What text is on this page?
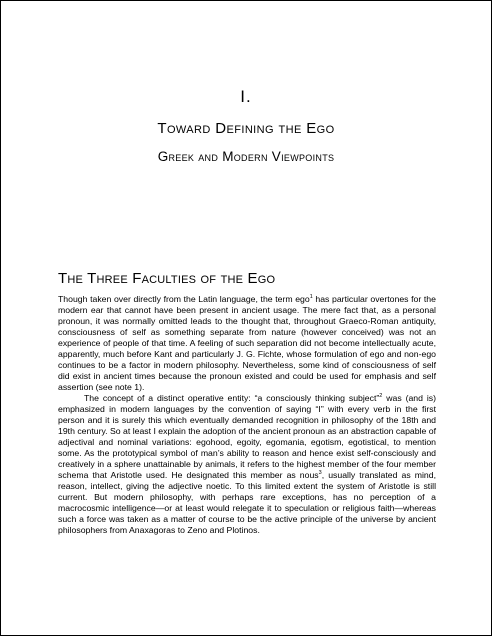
I.
Toward Defining the Ego
Greek and Modern Viewpoints
The Three Faculties of the Ego

Though taken over directly from the Latin language, the term ego$^1$ has particular overtones for the modern ear that cannot have been present in ancient usage. The mere fact that, as a personal pronoun, it was normally omitted leads to the thought that, throughout Graeco-Roman antiquity, consciousness of self as something separate from nature (however conceived) was not an experience of people of that time. A feeling of such separation did not become intellectually acute, apparently, much before Kant and particularly J. G. Fichte, whose formulation of ego and non-ego continues to be a factor in modern philosophy. Nevertheless, some kind of consciousness of self did exist in ancient times because the pronoun existed and could be used for emphasis and self assertion (see note 1).

The concept of a distinct operative entity: “a consciously thinking subject”$^2$ was (and is) emphasized in modern languages by the convention of saying “I” with every verb in the first person and it is surely this which eventually demanded recognition in philosophy of the 18th and 19th century. So at least I explain the adoption of the ancient pronoun as an abstraction capable of adjectival and nominal variations: egohood, egoity, egomania, egotism, egotistical, to mention some. As the prototypical symbol of man’s ability to reason and hence exist self-consciously and creatively in a sphere unattainable by animals, it refers to the highest member of the four member schema that Aristotle used. He designated this member as nous$^3$, usually translated as mind, reason, intellect, giving the adjective noetic. To this limited extent the system of Aristotle is still current. But modern philosophy, with perhaps rare exceptions, has no perception of a macrocosmic intelligence—or at least would relegate it to speculation or religious faith—whereas such a force was taken as a matter of course to be the active principle of the universe by ancient philosophers from Anaxagoras to Zeno and Plotinos.
